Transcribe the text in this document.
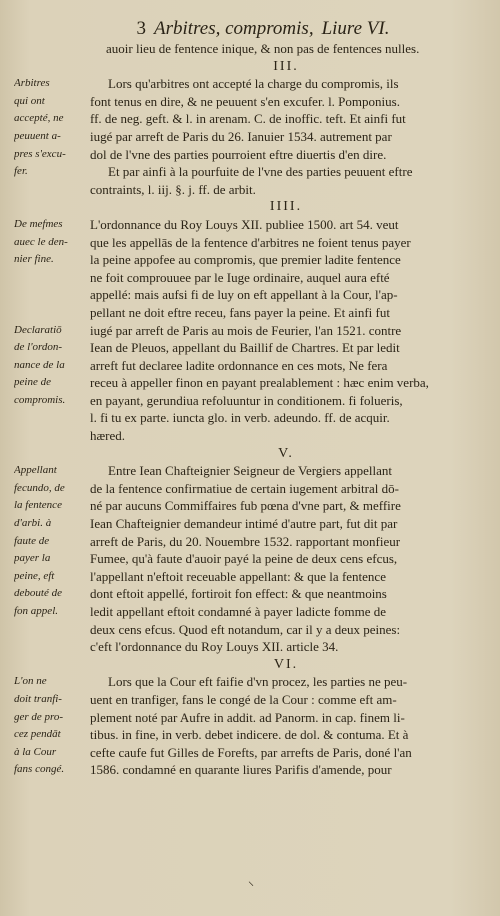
3 Arbitres, compromis, Liure VI.
auoir lieu de fentence inique, & non pas de fentences nulles.
III.
Arbitres	Lors qu'arbitres ont accepté la charge du compromis, ils
qui ont	font tenus en dire, & ne peuuent s'en excufer. l. Pomponius.
accepté, ne	ff. de neg. geft. & l. in arenam. C. de inoffic. teft. Et ainfi fut
peuuent a-	iugé par arreft de Paris du 26. Ianuier 1534. autrement par
pres s'excu-	dol de l'vne des parties pourroient eftre diuertis d'en dire.
fer.	Et par ainfi à la pourfuite de l'vne des parties peuuent eftre
contraints, l. iij. §. j. ff. de arbit.
IIII.
De mefmes	L'ordonnance du Roy Louys XII. publiee 1500. art 54. veut
auec le den-	que les appellās de la fentence d'arbitres ne foient tenus payer
nier fine.	la peine appofee au compromis, que premier ladite fentence
ne foit comprouuee par le Iuge ordinaire, auquel aura efté
appellé: mais aufsi fi de luy on eft appellant à la Cour, l'ap-
pellant ne doit eftre receu, fans payer la peine. Et ainfi fut
Declaratiō	iugé par arreft de Paris au mois de Feurier, l'an 1521. contre
de l'ordon-	Iean de Pleuos, appellant du Baillif de Chartres. Et par ledit
nance de la	arreft fut declaree ladite ordonnance en ces mots, Ne fera
peine de	receu à appeller finon en payant prealablement : hæc enim verba,
compromis.	en payant, gerundiua refoluuntur in conditionem. fi folueris,
l. fi tu ex parte. iuncta glo. in verb. adeundo. ff. de acquir.
hæred.
V.
Appellant	Entre Iean Chafteignier Seigneur de Vergiers appellant
fecundo, de	de la fentence confirmatiue de certain iugement arbitral dō-
la fentence	né par aucuns Commiffaires fub pœna d'vne part, & meffire
d'arbi. à	Iean Chafteignier demandeur intimé d'autre part, fut dit par
faute de	arreft de Paris, du 20. Nouembre 1532. rapportant monfieur
payer la	Fumee, qu'à faute d'auoir payé la peine de deux cens efcus,
peine, eft	l'appellant n'eftoit receuable appellant: & que la fentence
debouté de	dont eftoit appellé, fortiroit fon effect: & que neantmoins
fon appel.	ledit appellant eftoit condamné à payer ladicte fomme de
deux cens efcus. Quod eft notandum, car il y a deux peines:
c'eft l'ordonnance du Roy Louys XII. article 34.
VI.
L'on ne	Lors que la Cour eft faifie d'vn procez, les parties ne peu-
doit tranfi-	uent en tranfiger, fans le congé de la Cour : comme eft am-
ger de pro-	plement noté par Aufre in addit. ad Panorm. in cap. finem li-
cez pendāt	tibus. in fine, in verb. debet indicere. de dol. & contuma. Et à
à la Cour	cefte caufe fut Gilles de Forefts, par arrefts de Paris, doné l'an
fans congé.	1586. condamné en quarante liures Parifis d'amende, pour
⸜
